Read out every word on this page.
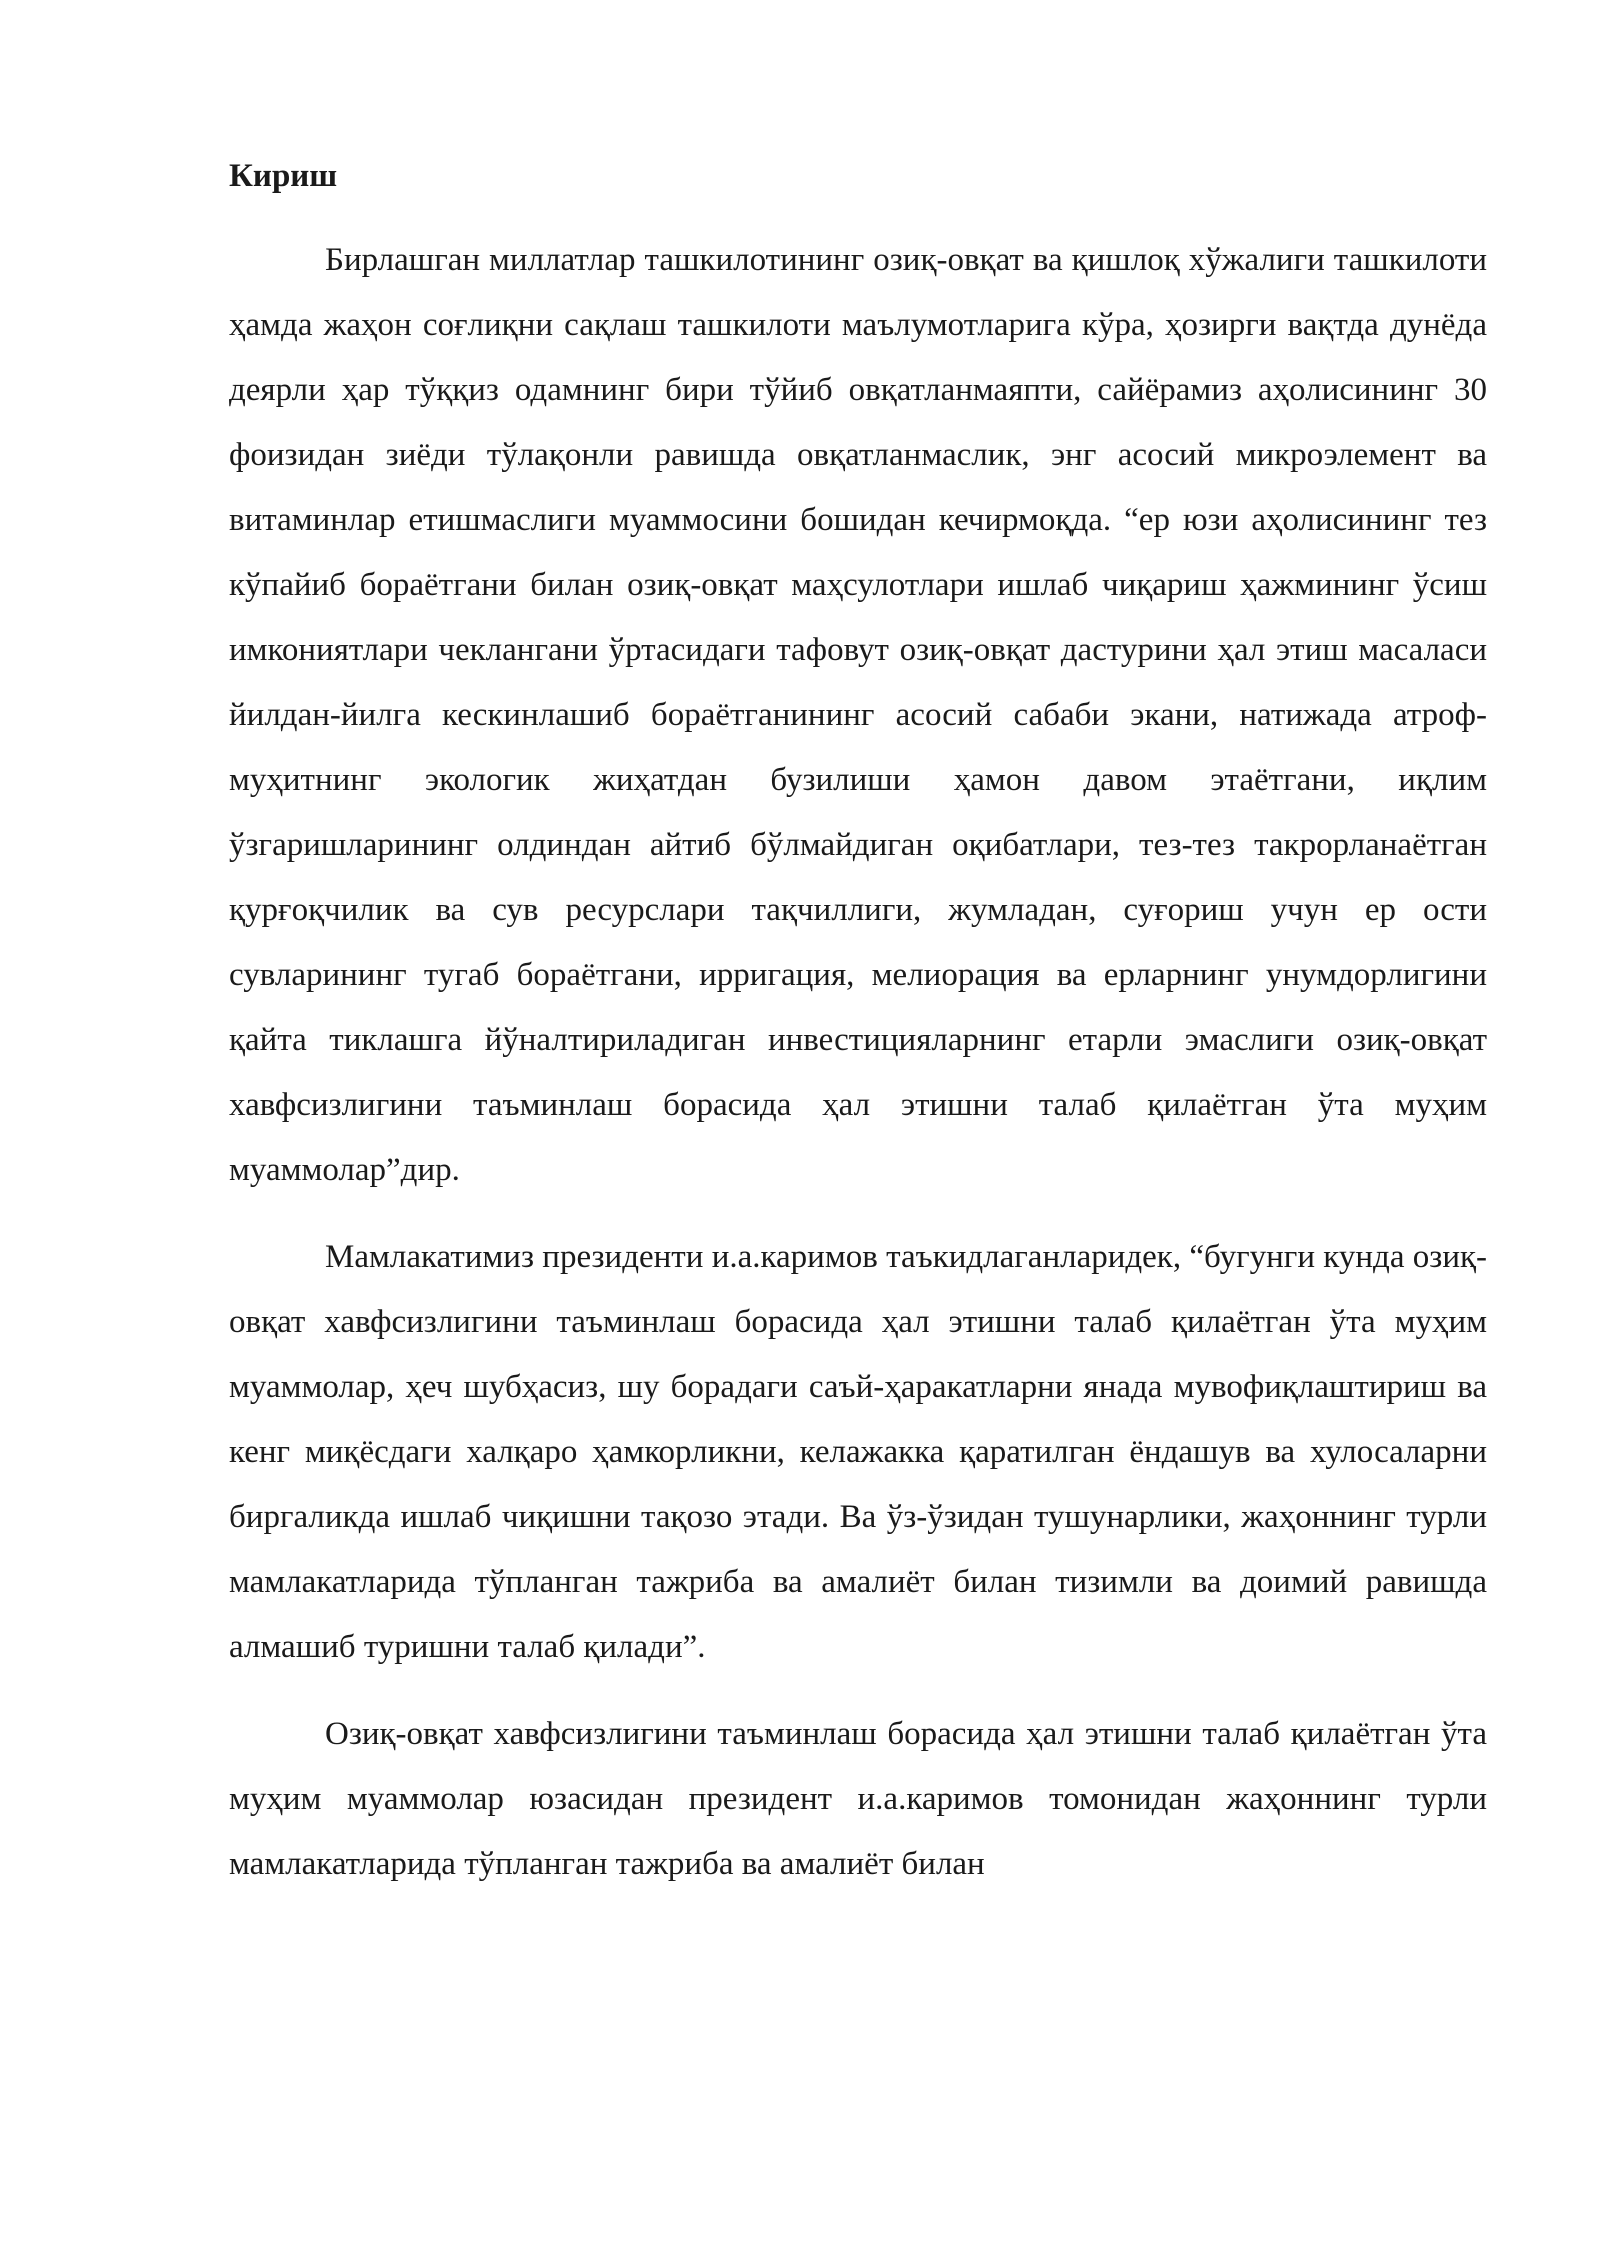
Кириш

Бирлашган миллатлар ташкилотининг озиқ-овқат ва қишлоқ хўжалиги ташкилоти ҳамда жаҳон соғлиқни сақлаш ташкилоти маълумотларига кўра, ҳозирги вақтда дунёда деярли ҳар тўққиз одамнинг бири тўйиб овқатланмаяпти, сайёрамиз аҳолисининг 30 фоизидан зиёди тўлақонли равишда овқатланмаслик, энг асосий микроэлемент ва витаминлар етишмаслиги муаммосини бошидан кечирмоқда. “ер юзи аҳолисининг тез кўпайиб бораётгани билан озиқ-овқат маҳсулотлари ишлаб чиқариш ҳажмининг ўсиш имкониятлари чеклангани ўртасидаги тафовут озиқ-овқат дастурини ҳал этиш масаласи йилдан-йилга кескинлашиб бораётганининг асосий сабаби экани, натижада атроф-муҳитнинг экологик жиҳатдан бузилиши ҳамон давом этаётгани, иқлим ўзгаришларининг олдиндан айтиб бўлмайдиган оқибатлари, тез-тез такрорланаётган қурғоқчилик ва сув ресурслари тақчиллиги, жумладан, суғориш учун ер ости сувларининг тугаб бораётгани, ирригация, мелиорация ва ерларнинг унумдорлигини қайта тиклашга йўналтириладиган инвестицияларнинг етарли эмаслиги озиқ-овқат хавфсизлигини таъминлаш борасида ҳал этишни талаб қилаётган ўта муҳим муаммолар”дир.

Мамлакатимиз президенти и.а.каримов таъкидлаганларидек, “бугунги кунда озиқ-овқат хавфсизлигини таъминлаш борасида ҳал этишни талаб қилаётган ўта муҳим муаммолар, ҳеч шубҳасиз, шу борадаги саъй-ҳаракатларни янада мувофиқлаштириш ва кенг миқёсдаги халқаро ҳамкорликни, келажакка қаратилган ёндашув ва хулосаларни биргаликда ишлаб чиқишни тақозо этади. Ва ўз-ўзидан тушунарлики, жаҳоннинг турли мамлакатларида тўпланган тажриба ва амалиёт билан тизимли ва доимий равишда алмашиб туришни талаб қилади”.

Озиқ-овқат хавфсизлигини таъминлаш борасида ҳал этишни талаб қилаётган ўта муҳим муаммолар юзасидан президент и.а.каримов томонидан жаҳоннинг турли мамлакатларида тўпланган тажриба ва амалиёт билан
